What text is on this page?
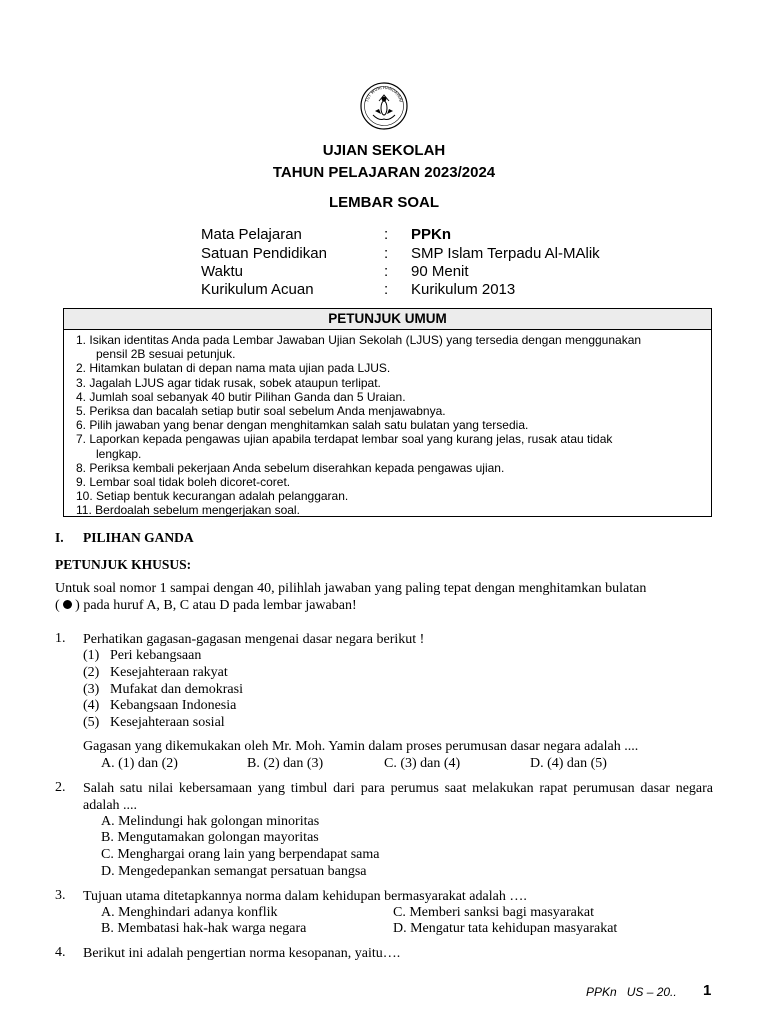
TUT WURI HANDAYANI
UJIAN SEKOLAH
TAHUN PELAJARAN 2023/2024
LEMBAR SOAL
Mata Pelajaran	: PPKn
Satuan Pendidikan	: SMP Islam Terpadu Al-MAlik
Waktu	: 90 Menit
Kurikulum Acuan	: Kurikulum 2013
PETUNJUK UMUM
1. Isikan identitas Anda pada Lembar Jawaban Ujian Sekolah (LJUS) yang tersedia dengan menggunakan
pensil 2B sesuai petunjuk.
2. Hitamkan bulatan di depan nama mata ujian pada LJUS.
3. Jagalah LJUS agar tidak rusak, sobek ataupun terlipat.
4. Jumlah soal sebanyak 40 butir Pilihan Ganda dan 5 Uraian.
5. Periksa dan bacalah setiap butir soal sebelum Anda menjawabnya.
6. Pilih jawaban yang benar dengan menghitamkan salah satu bulatan yang tersedia.
7. Laporkan kepada pengawas ujian apabila terdapat lembar soal yang kurang jelas, rusak atau tidak
lengkap.
8. Periksa kembali pekerjaan Anda sebelum diserahkan kepada pengawas ujian.
9. Lembar soal tidak boleh dicoret-coret.
10. Setiap bentuk kecurangan adalah pelanggaran.
11. Berdoalah sebelum mengerjakan soal.
I. PILIHAN GANDA
PETUNJUK KHUSUS:
Untuk soal nomor 1 sampai dengan 40, pilihlah jawaban yang paling tepat dengan menghitamkan bulatan
( ) pada huruf A, B, C atau D pada lembar jawaban!
1. Perhatikan gagasan-gagasan mengenai dasar negara berikut !
(1) Peri kebangsaan
(2) Kesejahteraan rakyat
(3) Mufakat dan demokrasi
(4) Kebangsaan Indonesia
(5) Kesejahteraan sosial
Gagasan yang dikemukakan oleh Mr. Moh. Yamin dalam proses perumusan dasar negara adalah ....
A. (1) dan (2)	B. (2) dan (3)	C. (3) dan (4)	D. (4) dan (5)
2. Salah satu nilai kebersamaan yang timbul dari para perumus saat melakukan rapat perumusan dasar negara adalah ....
A. Melindungi hak golongan minoritas
B. Mengutamakan golongan mayoritas
C. Menghargai orang lain yang berpendapat sama
D. Mengedepankan semangat persatuan bangsa
3. Tujuan utama ditetapkannya norma dalam kehidupan bermasyarakat adalah ….
A. Menghindari adanya konflik	C. Memberi sanksi bagi masyarakat
B. Membatasi hak-hak warga negara	D. Mengatur tata kehidupan masyarakat
4. Berikut ini adalah pengertian norma kesopanan, yaitu….
PPKn   US – 20.. 1
